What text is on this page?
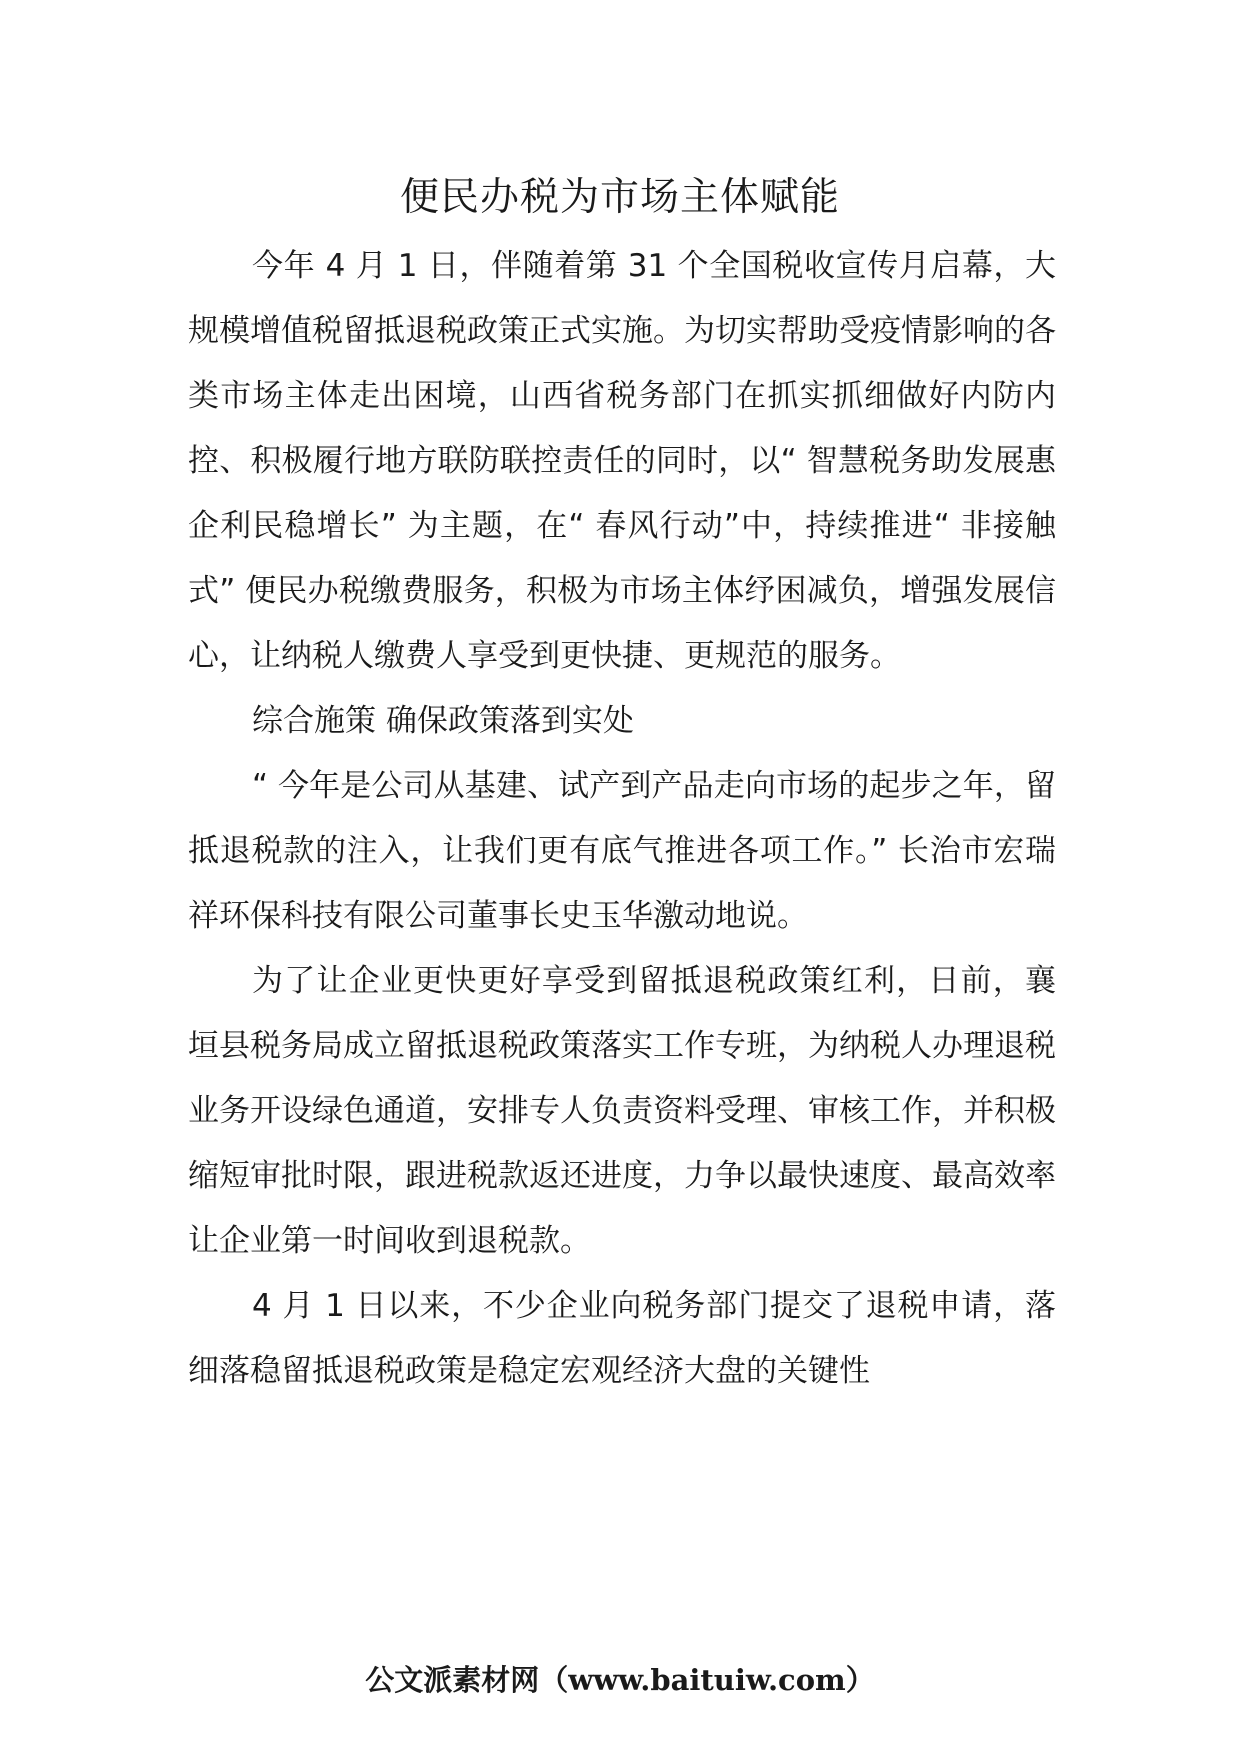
便民办税为市场主体赋能

今年 4 月 1 日，伴随着第 31 个全国税收宣传月启幕，大规模增值税留抵退税政策正式实施。为切实帮助受疫情影响的各类市场主体走出困境，山西省税务部门在抓实抓细做好内防内控、积极履行地方联防联控责任的同时，以“ 智慧税务助发展惠企利民稳增长” 为主题，在“ 春风行动”中，持续推进“ 非接触式” 便民办税缴费服务，积极为市场主体纾困减负，增强发展信心，让纳税人缴费人享受到更快捷、更规范的服务。

综合施策 确保政策落到实处

“ 今年是公司从基建、试产到产品走向市场的起步之年，留抵退税款的注入，让我们更有底气推进各项工作。” 长治市宏瑞祥环保科技有限公司董事长史玉华激动地说。

为了让企业更快更好享受到留抵退税政策红利，日前，襄垣县税务局成立留抵退税政策落实工作专班，为纳税人办理退税业务开设绿色通道，安排专人负责资料受理、审核工作，并积极缩短审批时限，跟进税款返还进度，力争以最快速度、最高效率让企业第一时间收到退税款。

4 月 1 日以来，不少企业向税务部门提交了退税申请，落细落稳留抵退税政策是稳定宏观经济大盘的关键性

公文派素材网（www.baituiw.com）
